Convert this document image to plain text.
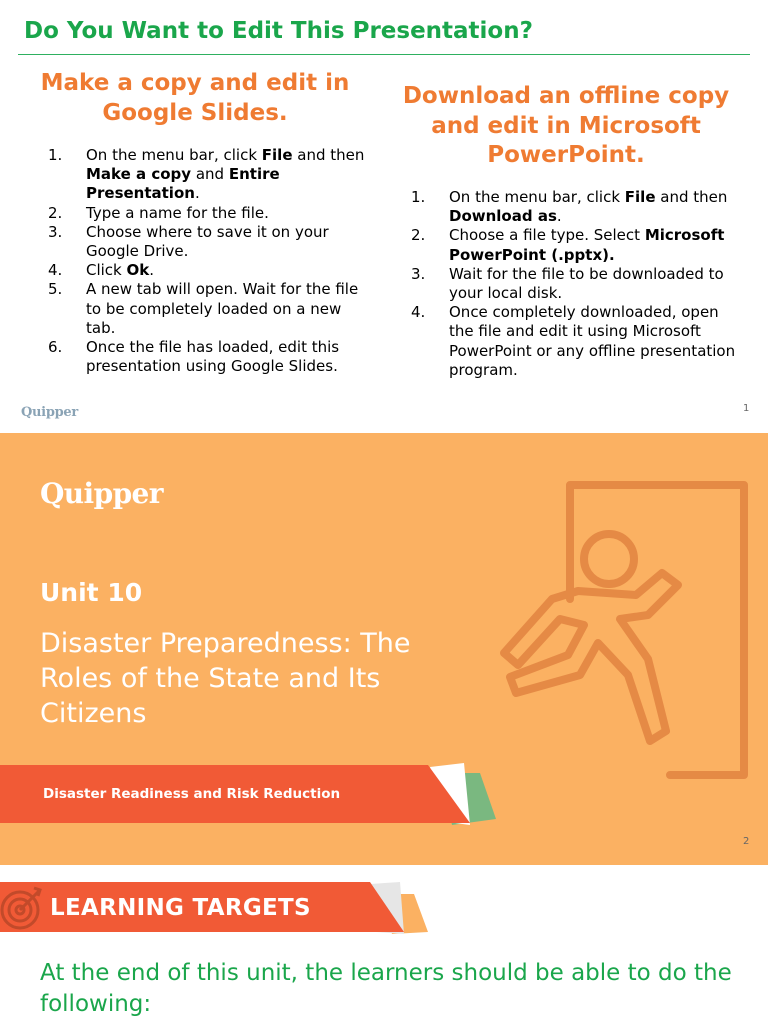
Do You Want to Edit This Presentation?
Make a copy and edit in Google Slides.
Download an offline copy and edit in Microsoft PowerPoint.
1.	On the menu bar, click File and then Make a copy and Entire Presentation.
2.	Type a name for the file.
3.	Choose where to save it on your Google Drive.
4.	Click Ok.
5.	A new tab will open. Wait for the file to be completely loaded on a new tab.
6.	Once the file has loaded, edit this presentation using Google Slides.
1.	On the menu bar, click File and then Download as.
2.	Choose a file type. Select Microsoft PowerPoint (.pptx).
3.	Wait for the file to be downloaded to your local disk.
4.	Once completely downloaded, open the file and edit it using Microsoft PowerPoint or any offline presentation program.
Quipper	1
Quipper
Unit 10
Disaster Preparedness: The Roles of the State and Its Citizens
Disaster Readiness and Risk Reduction
2
LEARNING TARGETS
At the end of this unit, the learners should be able to do the following:
